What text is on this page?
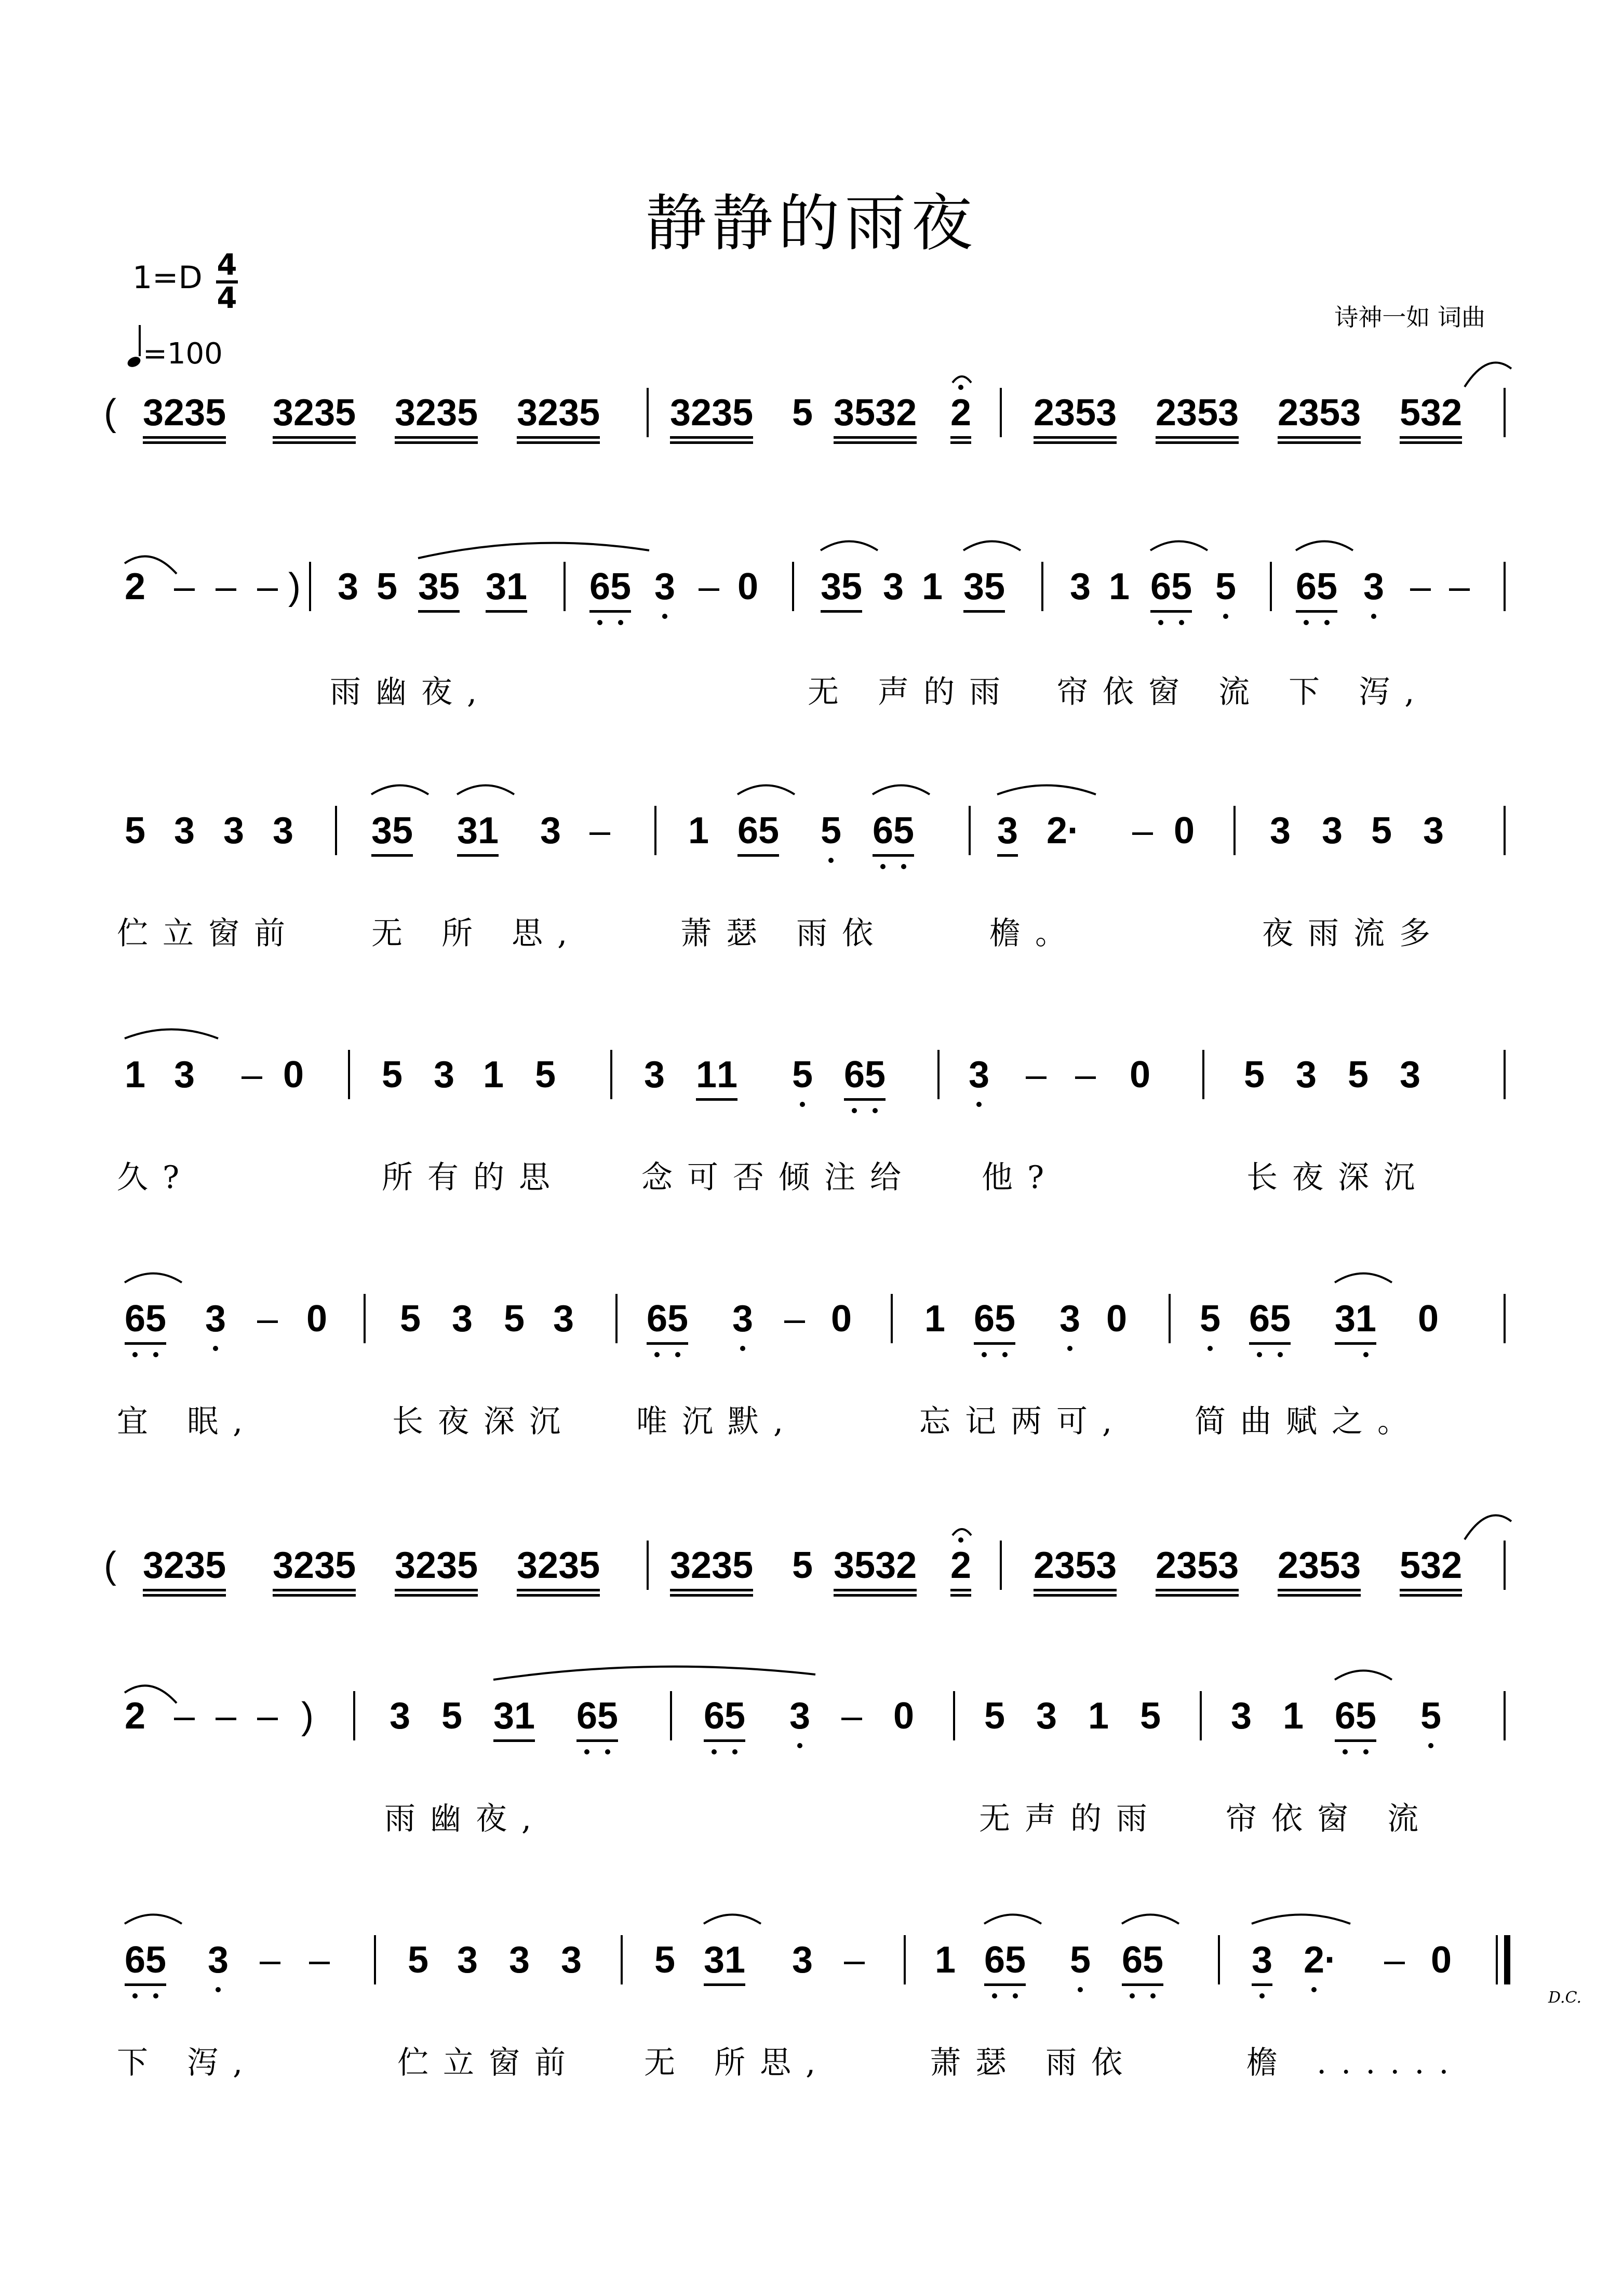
静静的雨夜
1=D 4
4
=100
诗神一如 词曲
( 3235 3235 3235 3235 3235 5 3532 2 2353 2353 2353 532
2 – – – ) 3 5 35 31 6
5 3 – 0 35 3 1 35 3 1 6
5 5 6
5 3 – –
雨幽夜,	无 声的雨 帘依窗 流 下 泻,
5 3 3 3 35 31 3 – 1 65 5 6
5 3 2· – 0 3 3 5 3
伫立窗前 无 所 思,	萧瑟 雨依	檐。	夜雨流多
1 3 – 0 5 3 1 5 3 11 5 6
5 3 – – 0 5 3 5 3
久?	所有的思 念可否倾注给 他?	长夜深沉
6
5 3 – 0 5 3 5 3 6
5 3 – 0 1 6
5 3 0 5 6
5 31 0
宜 眠,	长夜深沉 唯沉默,	忘记两可, 简曲赋之。
( 3235 3235 3235 3235 3235 5 3532 2 2353 2353 2353 532
2 – – – ) 3 5 31 6
5 6
5 3 – 0 5 3 1 5 3 1 6
5 5
雨幽夜,	无声的雨 帘依窗 流
6
5 3 – – 5 3 3 3 5 31 3 – 1 6
5 5 6
5 3 2
· – 0
D.C.
下 泻,	伫立窗前 无 所思,	萧瑟 雨依	檐 ......
